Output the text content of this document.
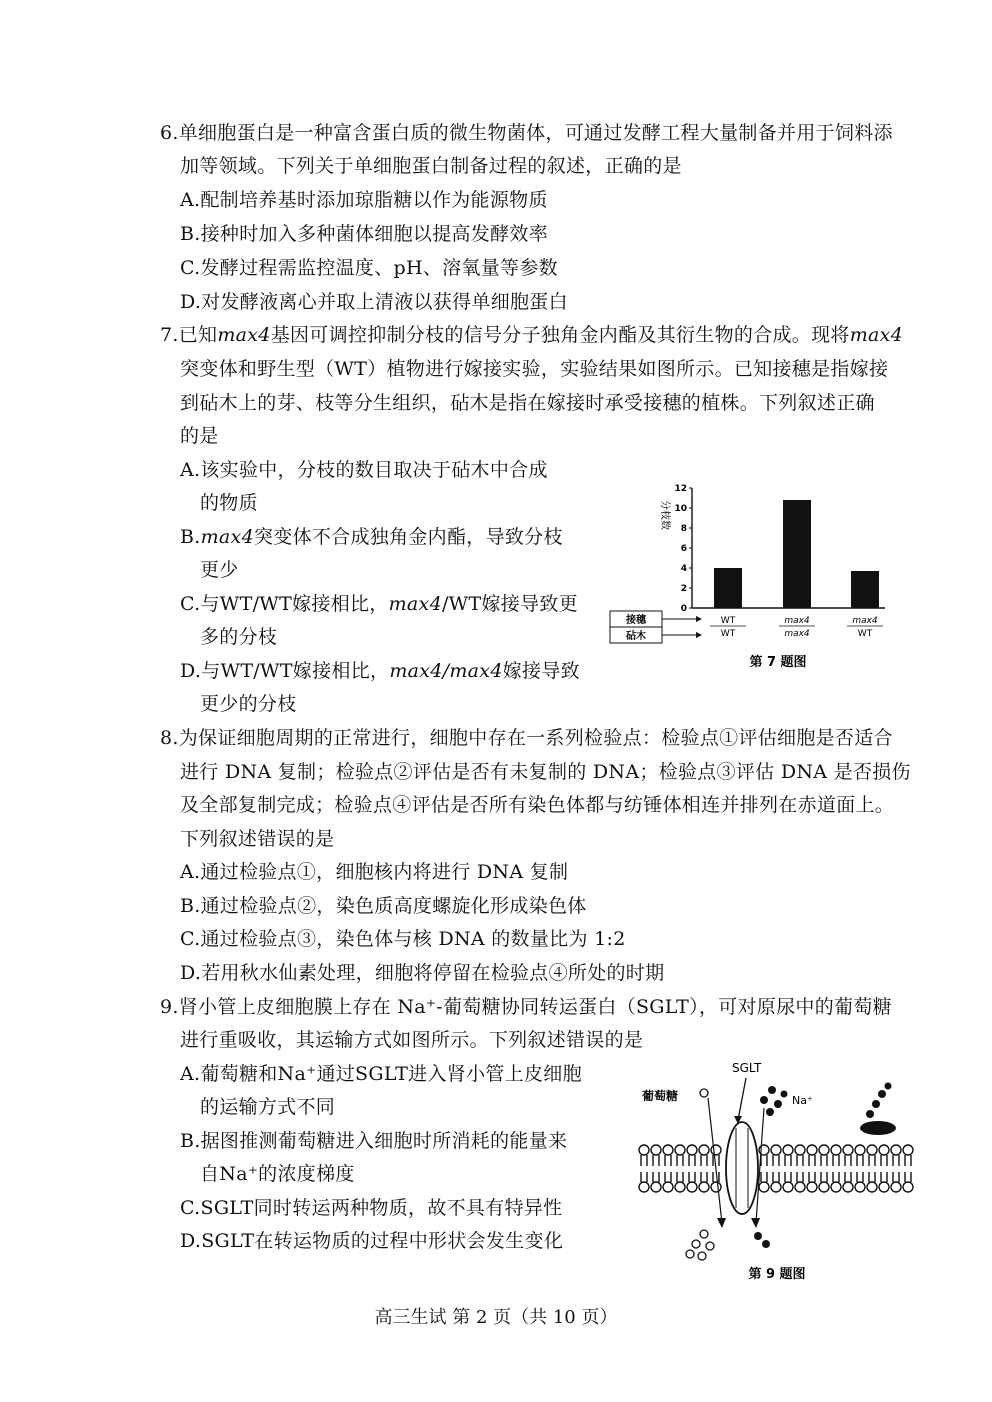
6.单细胞蛋白是一种富含蛋白质的微生物菌体，可通过发酵工程大量制备并用于饲料添
加等领域。下列关于单细胞蛋白制备过程的叙述，正确的是
A.配制培养基时添加琼脂糖以作为能源物质
B.接种时加入多种菌体细胞以提高发酵效率
C.发酵过程需监控温度、pH、溶氧量等参数
D.对发酵液离心并取上清液以获得单细胞蛋白
7.已知max4基因可调控抑制分枝的信号分子独角金内酯及其衍生物的合成。现将max4
突变体和野生型（WT）植物进行嫁接实验，实验结果如图所示。已知接穗是指嫁接
到砧木上的芽、枝等分生组织，砧木是指在嫁接时承受接穗的植株。下列叙述正确
的是
A.该实验中，分枝的数目取决于砧木中合成
的物质
B.max4突变体不合成独角金内酯，导致分枝
更少
C.与WT/WT嫁接相比，max4/WT嫁接导致更
多的分枝
D.与WT/WT嫁接相比，max4/max4嫁接导致
更少的分枝
分枝数
0
2
4
6
8
10
12
接穗
砧木
WT
WT
max4
max4
max4
WT
第 7 题图
8.为保证细胞周期的正常进行，细胞中存在一系列检验点：检验点①评估细胞是否适合
进行 DNA 复制；检验点②评估是否有未复制的 DNA；检验点③评估 DNA 是否损伤
及全部复制完成；检验点④评估是否所有染色体都与纺锤体相连并排列在赤道面上。
下列叙述错误的是
A.通过检验点①，细胞核内将进行 DNA 复制
B.通过检验点②，染色质高度螺旋化形成染色体
C.通过检验点③，染色体与核 DNA 的数量比为 1:2
D.若用秋水仙素处理，细胞将停留在检验点④所处的时期
9.肾小管上皮细胞膜上存在 Na⁺-葡萄糖协同转运蛋白（SGLT），可对原尿中的葡萄糖
进行重吸收，其运输方式如图所示。下列叙述错误的是
A.葡萄糖和Na⁺通过SGLT进入肾小管上皮细胞
的运输方式不同
B.据图推测葡萄糖进入细胞时所消耗的能量来
自Na⁺的浓度梯度
C.SGLT同时转运两种物质，故不具有特异性
D.SGLT在转运物质的过程中形状会发生变化
SGLT
葡萄糖	Na⁺
第 9 题图
高三生试 第 2 页（共 10 页）
